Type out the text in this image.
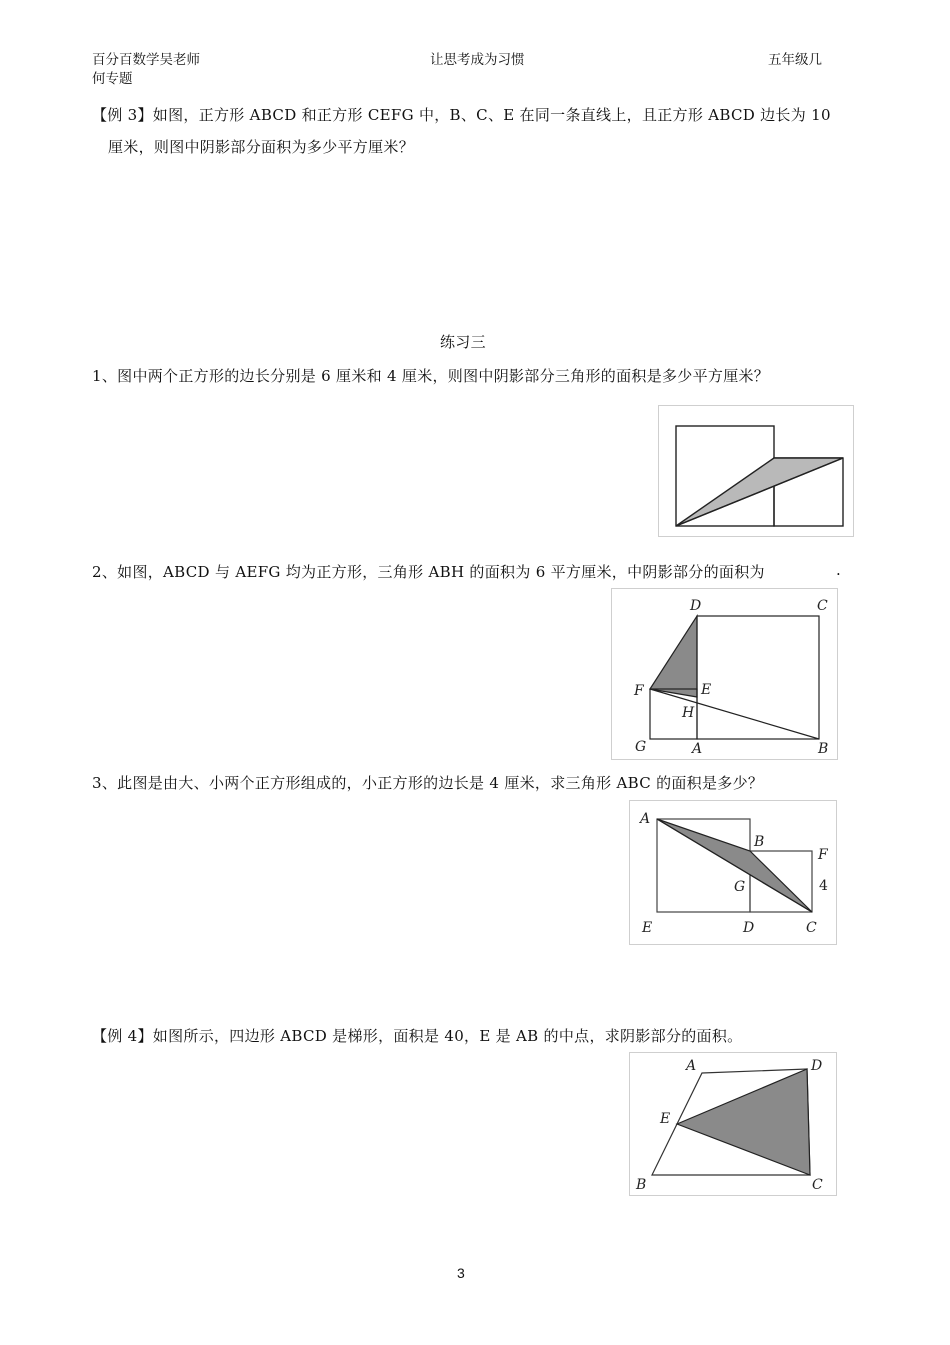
百分百数学吴老师
何专题
让思考成为习惯	五年级几
【例 3】如图，正方形 ABCD 和正方形 CEFG 中，B、C、E 在同一条直线上，且正方形 ABCD 边长为 10
厘米，则图中阴影部分面积为多少平方厘米？
练习三
1、图中两个正方形的边长分别是 6 厘米和 4 厘米，则图中阴影部分三角形的面积是多少平方厘米？
2、如图，ABCD 与 AEFG 均为正方形，三角形 ABH 的面积为 6 平方厘米，中阴影部分的面积为	.
D	C
F	E
H
G	A	B
3、此图是由大、小两个正方形组成的，小正方形的边长是 4 厘米，求三角形 ABC 的面积是多少？
A
B
F
4
G
E	D	C
【例 4】如图所示，四边形 ABCD 是梯形，面积是 40，E 是 AB 的中点，求阴影部分的面积。
A	D
E
B	C
3
